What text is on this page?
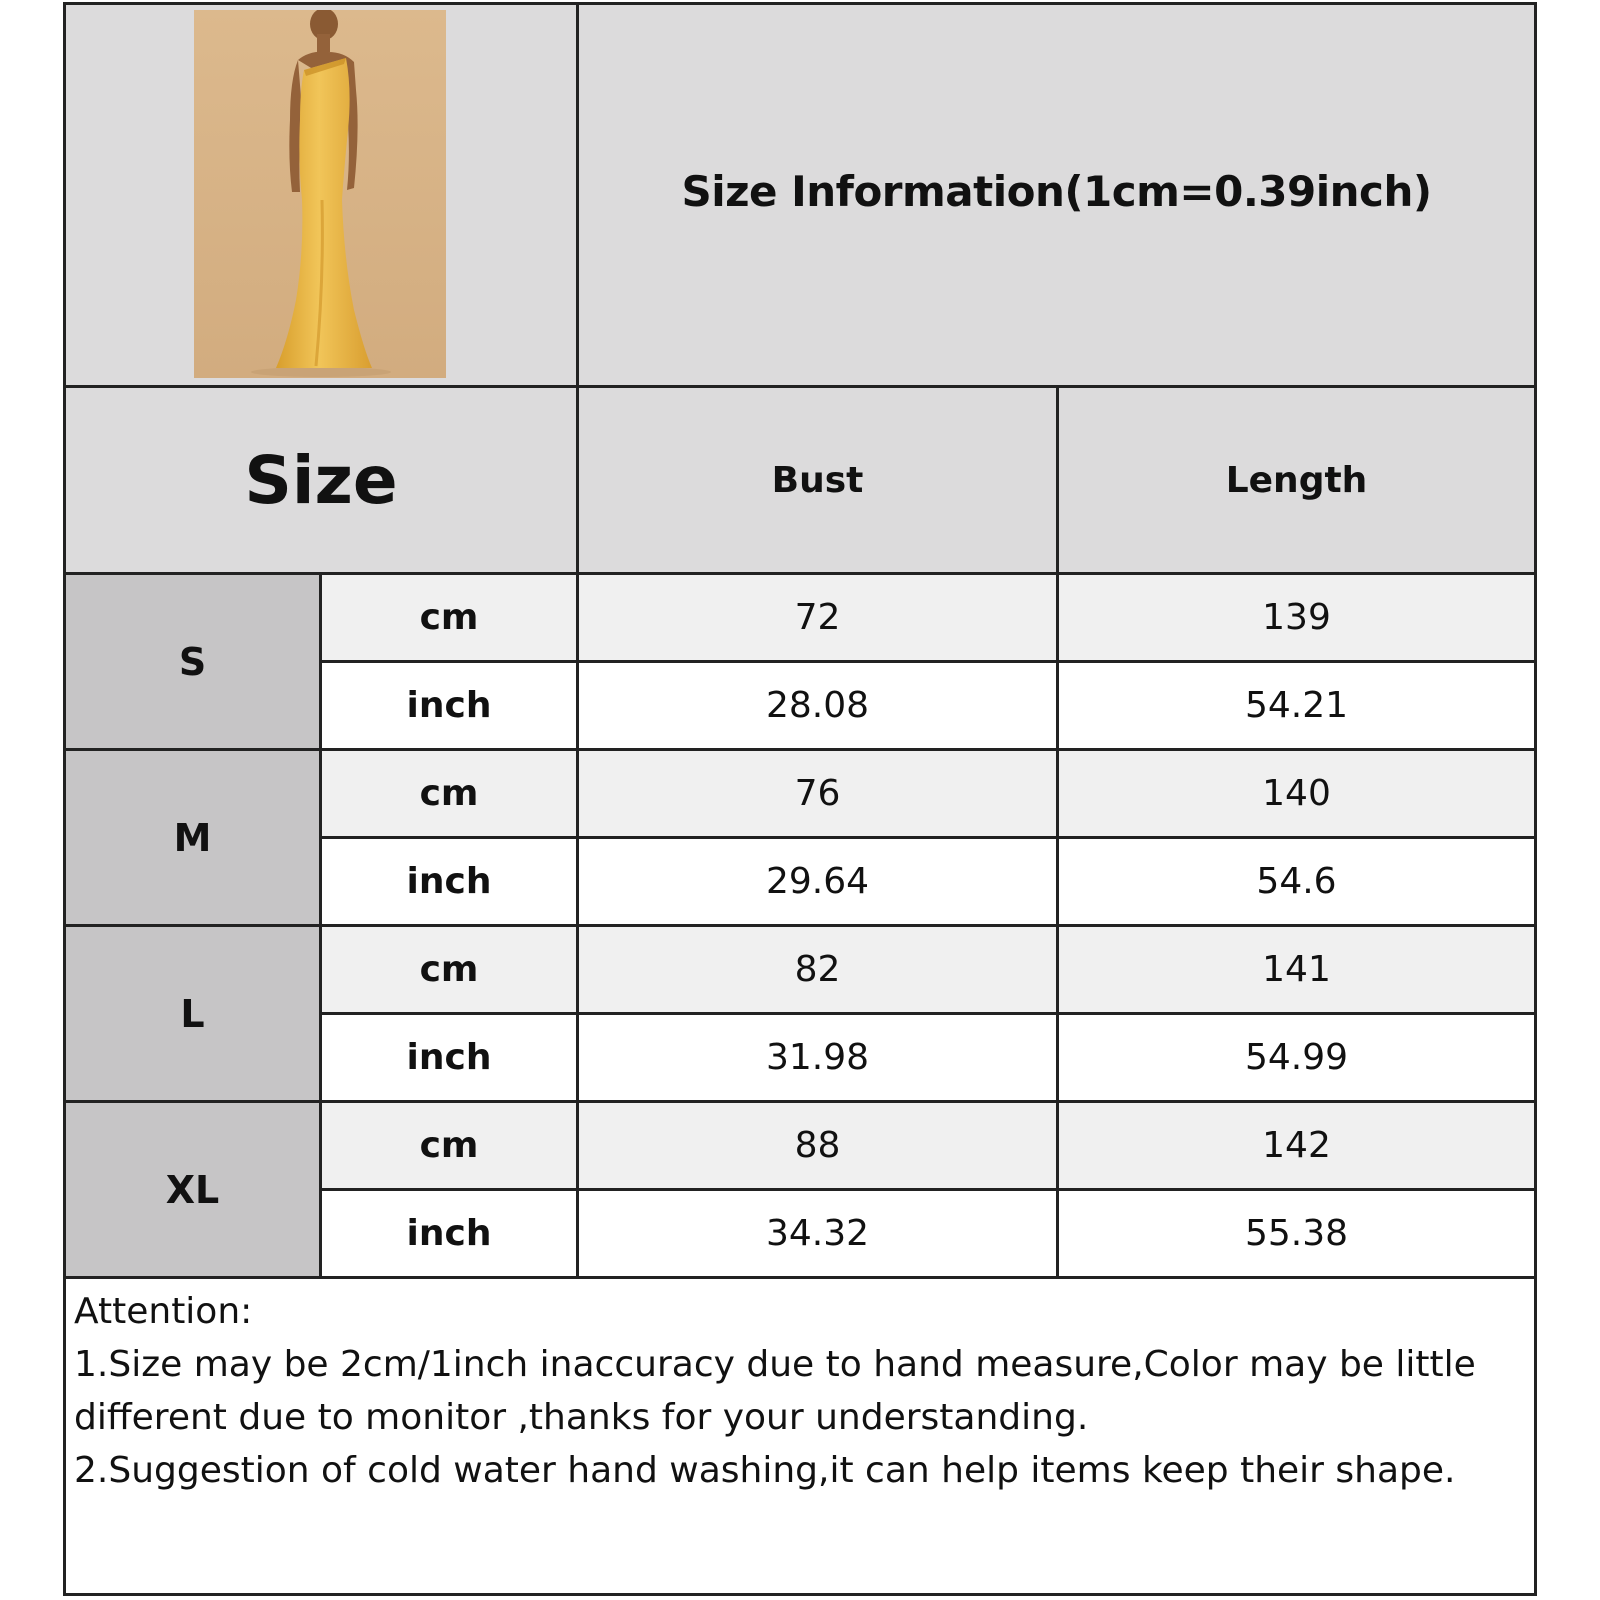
Size Information(1cm=0.39inch)
Size	Bust	Length
S
cm	72	139
inch	28.08	54.21
M
cm	76	140
inch	29.64	54.6
L
cm	82	141
inch	31.98	54.99
XL
cm	88	142
inch	34.32	55.38
Attention:
1.Size may be 2cm/1inch inaccuracy due to hand measure,Color may be little
different due to monitor ,thanks for your understanding.
2.Suggestion of cold water hand washing,it can help items keep their shape.
